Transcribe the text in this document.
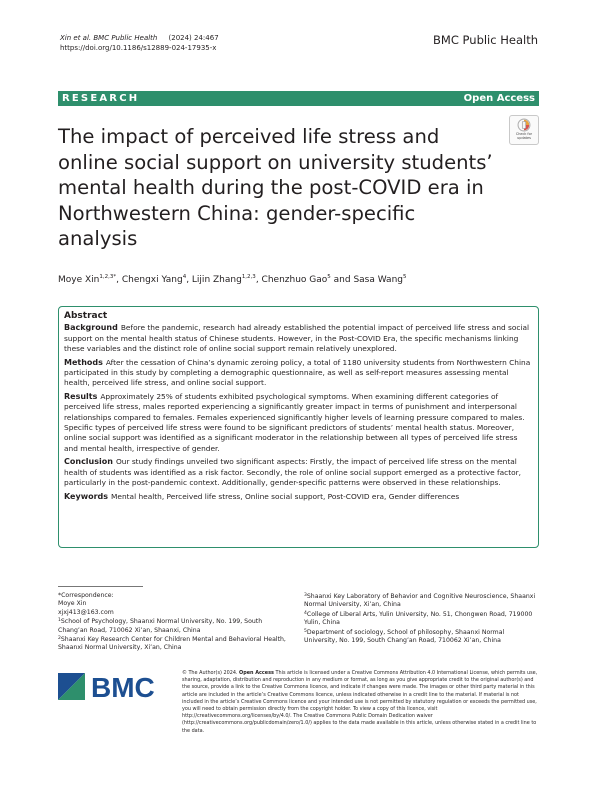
Xin et al. BMC Public Health (2024) 24:467
https://doi.org/10.1186/s12889-024-17935-x
BMC Public Health
RESEARCH	Open Access
The impact of perceived life stress and online social support on university students’ mental health during the post-COVID era in Northwestern China: gender-specific analysis
Check for updates
Moye Xin$^{1,2,3*}$, Chengxi Yang$^4$, Lijin Zhang$^{1,2,3}$, Chenzhuo Gao$^5$ and Sasa Wang$^5$
Abstract

Background Before the pandemic, research had already established the potential impact of perceived life stress and social support on the mental health status of Chinese students. However, in the Post-COVID Era, the specific mechanisms linking these variables and the distinct role of online social support remain relatively unexplored.

Methods After the cessation of China’s dynamic zeroing policy, a total of 1180 university students from Northwestern China participated in this study by completing a demographic questionnaire, as well as self-report measures assessing mental health, perceived life stress, and online social support.

Results Approximately 25% of students exhibited psychological symptoms. When examining different categories of perceived life stress, males reported experiencing a significantly greater impact in terms of punishment and interpersonal relationships compared to females. Females experienced significantly higher levels of learning pressure compared to males. Specific types of perceived life stress were found to be significant predictors of students’ mental health status. Moreover, online social support was identified as a significant moderator in the relationship between all types of perceived life stress and mental health, irrespective of gender.

Conclusion Our study findings unveiled two significant aspects: Firstly, the impact of perceived life stress on the mental health of students was identified as a risk factor. Secondly, the role of online social support emerged as a protective factor, particularly in the post-pandemic context. Additionally, gender-specific patterns were observed in these relationships.

Keywords Mental health, Perceived life stress, Online social support, Post-COVID era, Gender differences

*Correspondence:
Moye Xin
xjxj413@163.com
$^1$School of Psychology, Shaanxi Normal University, No. 199, South Chang’an Road, 710062 Xi’an, Shaanxi, China
$^2$Shaanxi Key Research Center for Children Mental and Behavioral Health, Shaanxi Normal University, Xi’an, China
$^3$Shaanxi Key Laboratory of Behavior and Cognitive Neuroscience, Shaanxi Normal University, Xi’an, China
$^4$College of Liberal Arts, Yulin University, No. 51, Chongwen Road, 719000 Yulin, China
$^5$Department of sociology, School of philosophy, Shaanxi Normal University, No. 199, South Chang’an Road, 710062 Xi’an, China
BMC	© The Author(s) 2024. Open Access This article is licensed under a Creative Commons Attribution 4.0 International License, which permits use, sharing, adaptation, distribution and reproduction in any medium or format, as long as you give appropriate credit to the original author(s) and the source, provide a link to the Creative Commons licence, and indicate if changes were made. The images or other third party material in this article are included in the article’s Creative Commons licence, unless indicated otherwise in a credit line to the material. If material is not included in the article’s Creative Commons licence and your intended use is not permitted by statutory regulation or exceeds the permitted use, you will need to obtain permission directly from the copyright holder. To view a copy of this licence, visit http://creativecommons.org/licenses/by/4.0/. The Creative Commons Public Domain Dedication waiver (http://creativecommons.org/publicdomain/zero/1.0/) applies to the data made available in this article, unless otherwise stated in a credit line to the data.
